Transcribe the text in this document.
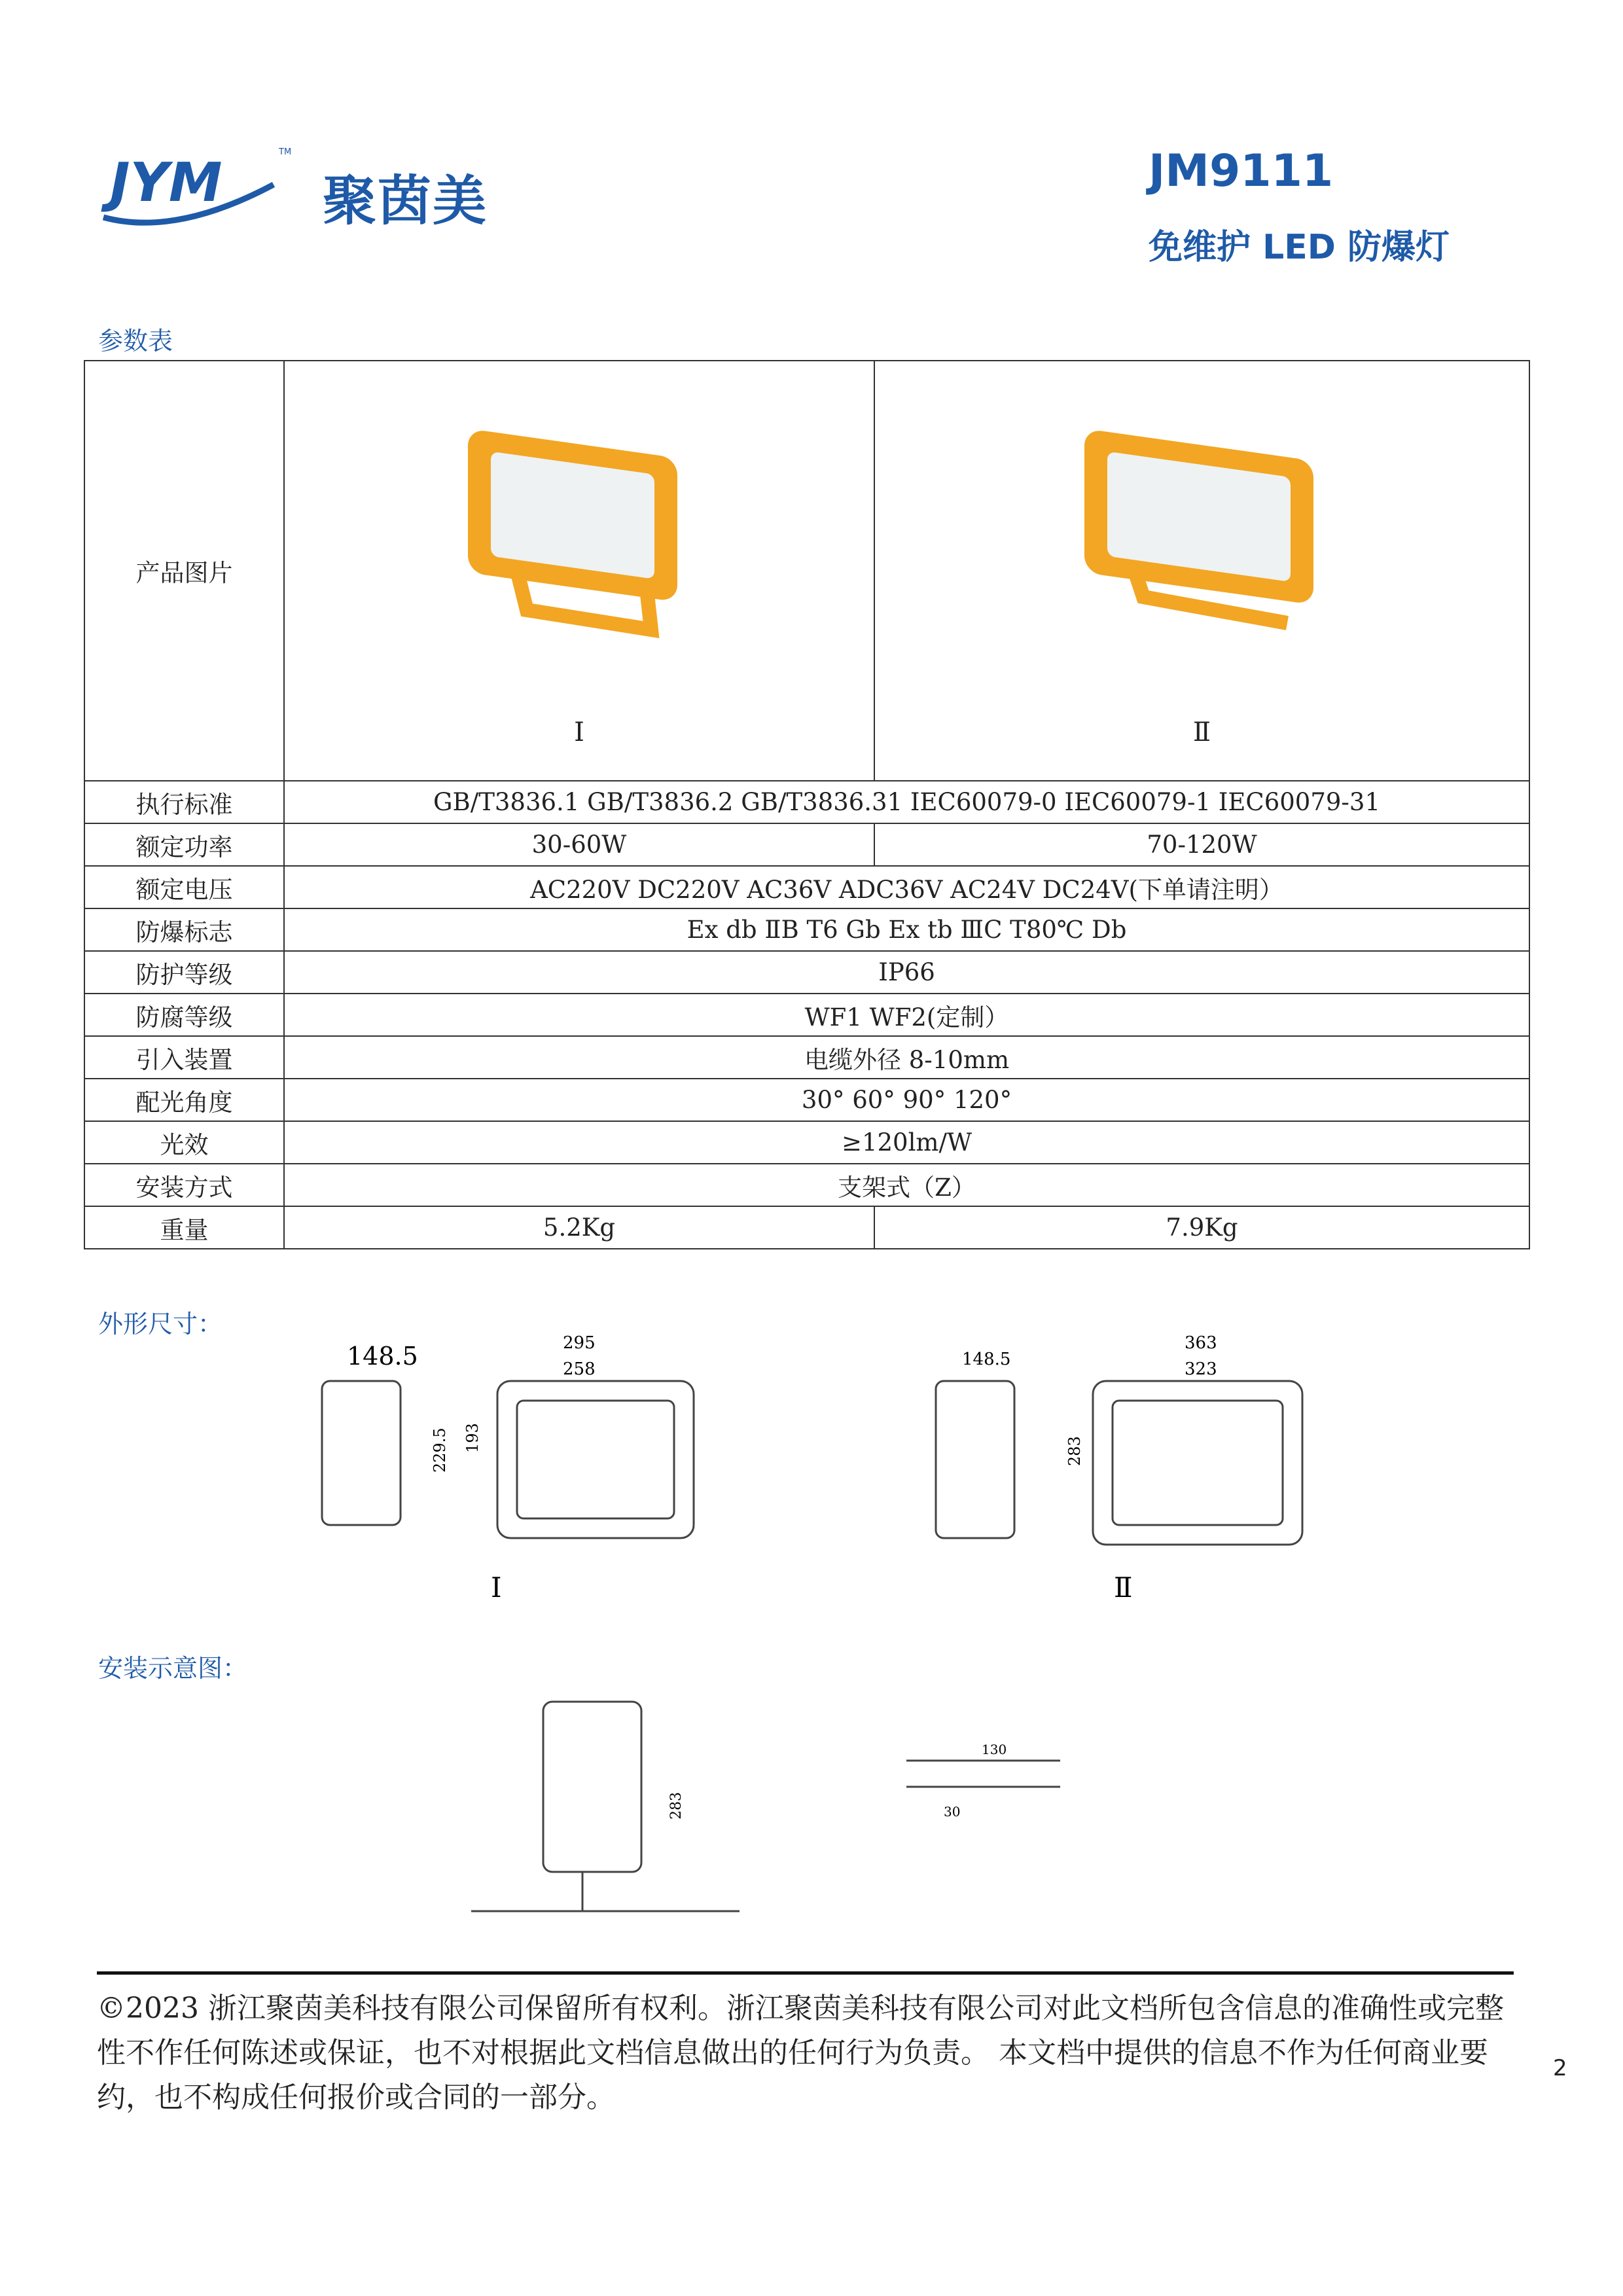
JYM	TM
聚茵美	JM9111
免维护 LED 防爆灯
参数表
产品图片	Ⅰ	Ⅱ

执行标准	GB/T3836.1 GB/T3836.2 GB/T3836.31 IEC60079-0 IEC60079-1 IEC60079-31	
额定功率	30-60W	70-120W
额定电压	AC220V DC220V AC36V ADC36V AC24V DC24V(下单请注明）	
防爆标志	Ex db ⅡB T6 Gb Ex tb ⅢC T80℃ Db	
防护等级	IP66	
防腐等级	WF1 WF2(定制）	
引入装置	电缆外径 8-10mm	
配光角度	30° 60° 90° 120°	
光效	≥120lm/W	
安装方式	支架式（Z）	
重量	5.2Kg	7.9Kg
外形尺寸：
148.5	295
258
229.5 193
148.5
363
323
283
Ⅰ	Ⅱ
安装示意图：
283
130
30
©2023 浙江聚茵美科技有限公司保留所有权利。浙江聚茵美科技有限公司对此文档所包含信息的准确性或完整性不作任何陈述或保证，也不对根据此文档信息做出的任何行为负责。 本文档中提供的信息不作为任何商业要约，也不构成任何报价或合同的一部分。
2
